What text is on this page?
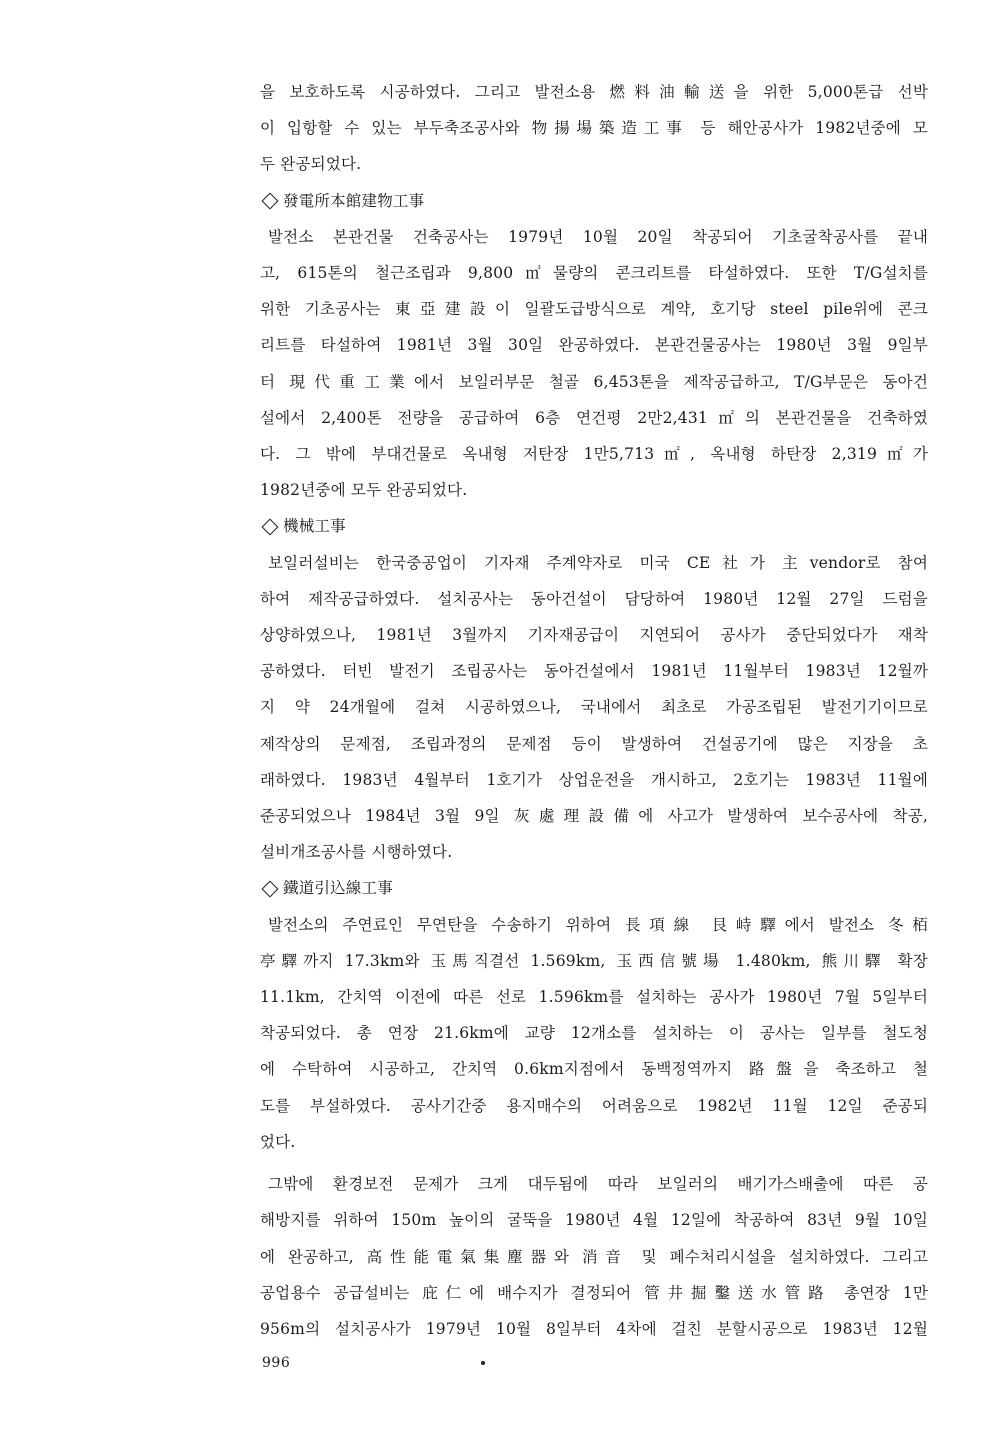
을 보호하도록 시공하였다. 그리고 발전소용 燃料油輸送을 위한 5,000톤급 선박
이 입항할 수 있는 부두축조공사와 物揚場築造工事 등 해안공사가 1982년중에 모
두 완공되었다.
發電所本館建物工事
발전소 본관건물 건축공사는 1979년 10월 20일 착공되어 기초굴착공사를 끝내
고, 615톤의 철근조립과 9,800㎥물량의 콘크리트를 타설하였다. 또한 T/G설치를
위한 기초공사는 東亞建設이 일괄도급방식으로 계약, 호기당 steel pile위에 콘크
리트를 타설하여 1981년 3월 30일 완공하였다. 본관건물공사는 1980년 3월 9일부
터 現代重工業에서 보일러부문 철골 6,453톤을 제작공급하고, T/G부문은 동아건
설에서 2,400톤 전량을 공급하여 6층 연건평 2만2,431㎡의 본관건물을 건축하였
다. 그 밖에 부대건물로 옥내형 저탄장 1만5,713㎡, 옥내형 하탄장 2,319㎡가
1982년중에 모두 완공되었다.
機械工事
보일러설비는 한국중공업이 기자재 주계약자로 미국 CE社가 主vendor로 참여
하여 제작공급하였다. 설치공사는 동아건설이 담당하여 1980년 12월 27일 드럼을
상양하였으나, 1981년 3월까지 기자재공급이 지연되어 공사가 중단되었다가 재착
공하였다. 터빈 발전기 조립공사는 동아건설에서 1981년 11월부터 1983년 12월까
지 약 24개월에 걸쳐 시공하였으나, 국내에서 최초로 가공조립된 발전기기이므로
제작상의 문제점, 조립과정의 문제점 등이 발생하여 건설공기에 많은 지장을 초
래하였다. 1983년 4월부터 1호기가 상업운전을 개시하고, 2호기는 1983년 11월에
준공되었으나 1984년 3월 9일 灰處理設備에 사고가 발생하여 보수공사에 착공,
설비개조공사를 시행하였다.
鐵道引込線工事
발전소의 주연료인 무연탄을 수송하기 위하여 長項線 艮峙驛에서 발전소 冬栢
亭驛까지 17.3km와 玉馬직결선 1.569km, 玉西信號場 1.480km, 熊川驛 확장
11.1km, 간치역 이전에 따른 선로 1.596km를 설치하는 공사가 1980년 7월 5일부터
착공되었다. 총 연장 21.6km에 교량 12개소를 설치하는 이 공사는 일부를 철도청
에 수탁하여 시공하고, 간치역 0.6km지점에서 동백정역까지 路盤을 축조하고 철
도를 부설하였다. 공사기간중 용지매수의 어려움으로 1982년 11월 12일 준공되
었다.
그밖에 환경보전 문제가 크게 대두됨에 따라 보일러의 배기가스배출에 따른 공
해방지를 위하여 150m 높이의 굴뚝을 1980년 4월 12일에 착공하여 83년 9월 10일
에 완공하고, 高性能電氣集塵器와 消音 및 폐수처리시설을 설치하였다. 그리고
공업용수 공급설비는 庇仁에 배수지가 결정되어 管井掘鑿送水管路 총연장 1만
956m의 설치공사가 1979년 10월 8일부터 4차에 걸친 분할시공으로 1983년 12월
996
